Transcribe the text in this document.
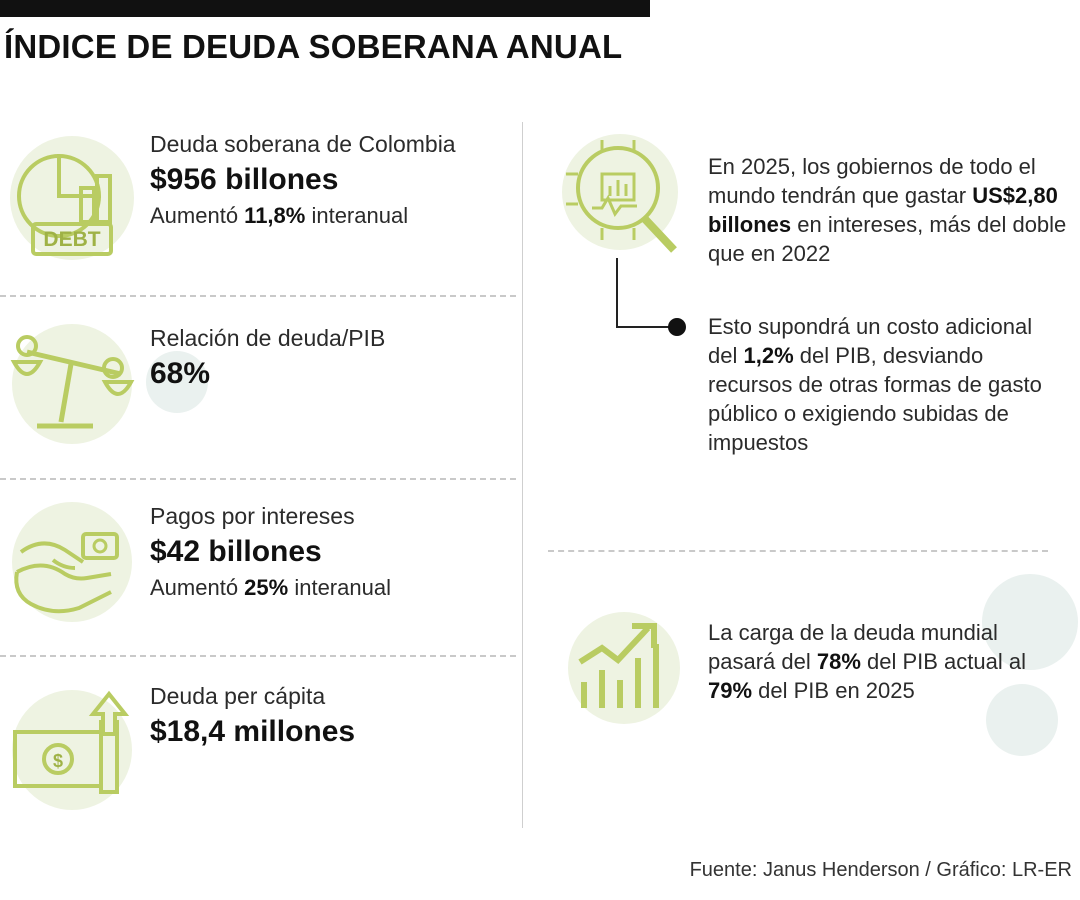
ÍNDICE DE DEUDA SOBERANA ANUAL
DEBT
Deuda soberana de Colombia
$956 billones
Aumentó 11,8% interanual
Relación de deuda/PIB
68%
Pagos por intereses
$42 billones
Aumentó 25% interanual
$
Deuda per cápita
$18,4 millones
En 2025, los gobiernos de todo el mundo tendrán que gastar US$2,80 billones en intereses, más del doble que en 2022
Esto supondrá un costo adicional del 1,2% del PIB, desviando recursos de otras formas de gasto público o exigiendo subidas de impuestos
La carga de la deuda mundial pasará del 78% del PIB actual al 79% del PIB en 2025
Fuente: Janus Henderson / Gráfico: LR-ER
